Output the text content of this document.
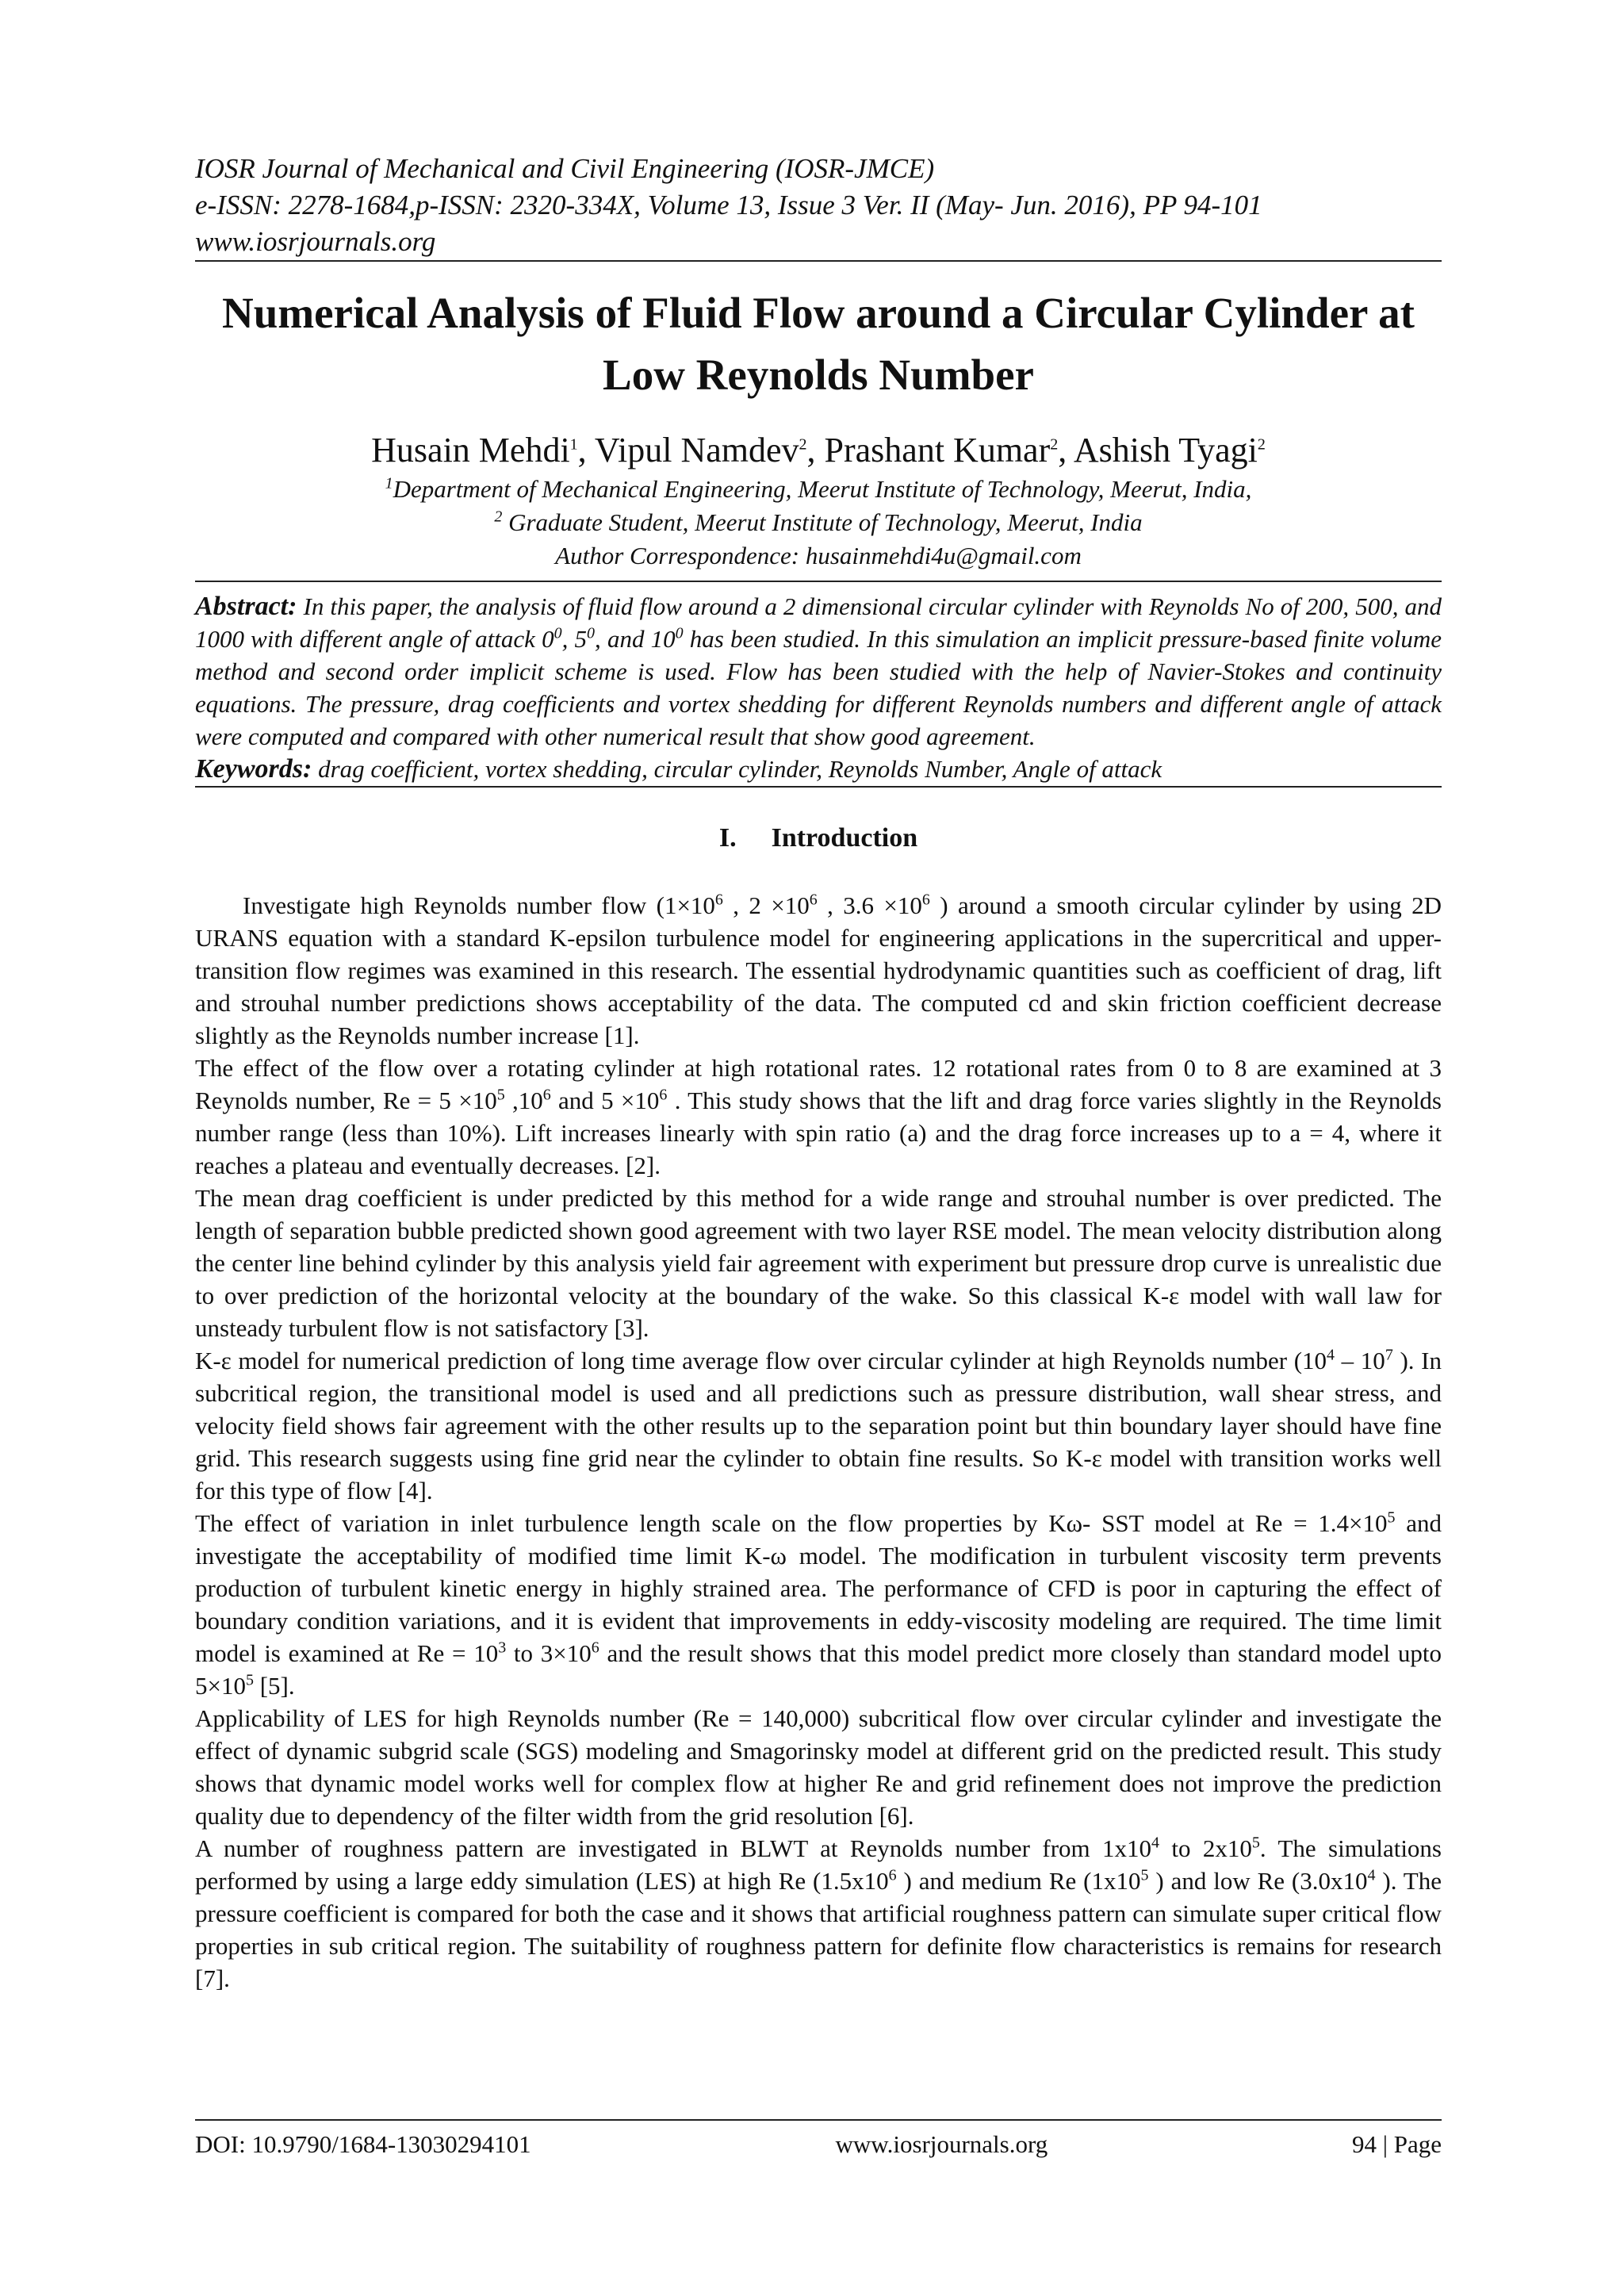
IOSR Journal of Mechanical and Civil Engineering (IOSR-JMCE)
e-ISSN: 2278-1684,p-ISSN: 2320-334X, Volume 13, Issue 3 Ver. II (May- Jun. 2016), PP 94-101
www.iosrjournals.org
Numerical Analysis of Fluid Flow around a Circular Cylinder at
Low Reynolds Number
Husain Mehdi$^1$, Vipul Namdev$^2$, Prashant Kumar$^2$, Ashish Tyagi$^2$
$^1$Department of Mechanical Engineering, Meerut Institute of Technology, Meerut, India,
$^2$ Graduate Student, Meerut Institute of Technology, Meerut, India
Author Correspondence: husainmehdi4u@gmail.com
Abstract: In this paper, the analysis of fluid flow around a 2 dimensional circular cylinder with Reynolds No of 200, 500, and 1000 with different angle of attack $0^0$, $5^0$, and $10^0$ has been studied. In this simulation an implicit pressure-based finite volume method and second order implicit scheme is used. Flow has been studied with the help of Navier-Stokes and continuity equations. The pressure, drag coefficients and vortex shedding for different Reynolds numbers and different angle of attack were computed and compared with other numerical result that show good agreement.
Keywords: drag coefficient, vortex shedding, circular cylinder, Reynolds Number, Angle of attack
I. Introduction

Investigate high Reynolds number flow ($1\times 10^6$ , $2 \times 10^6$ , $3.6 \times 10^6$ ) around a smooth circular cylinder by using 2D URANS equation with a standard K-epsilon turbulence model for engineering applications in the supercritical and upper-transition flow regimes was examined in this research. The essential hydrodynamic quantities such as coefficient of drag, lift and strouhal number predictions shows acceptability of the data. The computed cd and skin friction coefficient decrease slightly as the Reynolds number increase [1].

The effect of the flow over a rotating cylinder at high rotational rates. 12 rotational rates from 0 to 8 are examined at 3 Reynolds number, $Re = 5 \times 10^5$ $,10^6$ and $5 \times 10^6$ . This study shows that the lift and drag force varies slightly in the Reynolds number range (less than 10%). Lift increases linearly with spin ratio (a) and the drag force increases up to a = 4, where it reaches a plateau and eventually decreases. [2].

The mean drag coefficient is under predicted by this method for a wide range and strouhal number is over predicted. The length of separation bubble predicted shown good agreement with two layer RSE model. The mean velocity distribution along the center line behind cylinder by this analysis yield fair agreement with experiment but pressure drop curve is unrealistic due to over prediction of the horizontal velocity at the boundary of the wake. So this classical K-ε model with wall law for unsteady turbulent flow is not satisfactory [3].

K-ε model for numerical prediction of long time average flow over circular cylinder at high Reynolds number ($10^4 - 10^7$ ). In subcritical region, the transitional model is used and all predictions such as pressure distribution, wall shear stress, and velocity field shows fair agreement with the other results up to the separation point but thin boundary layer should have fine grid. This research suggests using fine grid near the cylinder to obtain fine results. So K-ε model with transition works well for this type of flow [4].

The effect of variation in inlet turbulence length scale on the flow properties by Kω- SST model at $Re = 1.4\times 10^5$ and investigate the acceptability of modified time limit K-ω model. The modification in turbulent viscosity term prevents production of turbulent kinetic energy in highly strained area. The performance of CFD is poor in capturing the effect of boundary condition variations, and it is evident that improvements in eddy-viscosity modeling are required. The time limit model is examined at $Re = 10^3$ to $3\times 10^6$ and the result shows that this model predict more closely than standard model upto $5\times 10^5$ [5].

Applicability of LES for high Reynolds number (Re = 140,000) subcritical flow over circular cylinder and investigate the effect of dynamic subgrid scale (SGS) modeling and Smagorinsky model at different grid on the predicted result. This study shows that dynamic model works well for complex flow at higher Re and grid refinement does not improve the prediction quality due to dependency of the filter width from the grid resolution [6].

A number of roughness pattern are investigated in BLWT at Reynolds number from $1x10^4$ to $2x10^5$. The simulations performed by using a large eddy simulation (LES) at high Re ($1.5x10^6$ ) and medium Re ($1x10^5$ ) and low Re ($3.0x10^4$ ). The pressure coefficient is compared for both the case and it shows that artificial roughness pattern can simulate super critical flow properties in sub critical region. The suitability of roughness pattern for definite flow characteristics is remains for research [7].

DOI: 10.9790/1684-13030294101	www.iosrjournals.org	94 | Page
